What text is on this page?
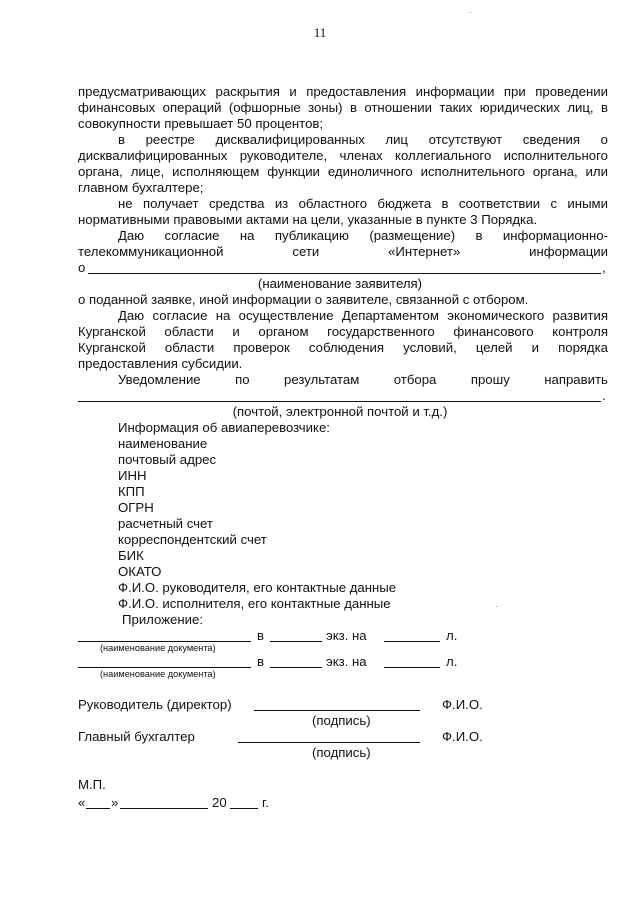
11
предусматривающих раскрытия и предоставления информации при проведении
финансовых операций (офшорные зоны) в отношении таких юридических лиц, в
совокупности превышает 50 процентов;
в реестре дисквалифицированных лиц отсутствуют сведения о
дисквалифицированных руководителе, членах коллегиального исполнительного
органа, лице, исполняющем функции единоличного исполнительного органа, или
главном бухгалтере;
не получает средства из областного бюджета в соответствии с иными
нормативными правовыми актами на цели, указанные в пункте 3 Порядка.
Даю согласие на публикацию (размещение) в информационно-
телекоммуникационной	сети	«Интернет»	информации
о	,
(наименование заявителя)
о поданной заявке, иной информации о заявителе, связанной с отбором.
Даю согласие на осуществление Департаментом экономического развития
Курганской области и органом государственного финансового контроля
Курганской области проверок соблюдения условий, целей и порядка
предоставления субсидии.
Уведомление	по	результатам	отбора	прошу	направить
.
(почтой, электронной почтой и т.д.)
Информация об авиаперевозчике:
наименование
почтовый адрес
ИНН
КПП
ОГРН
расчетный счет
корреспондентский счет
БИК
ОКАТО
Ф.И.О. руководителя, его контактные данные
Ф.И.О. исполнителя, его контактные данные
Приложение:
в	экз. на	л.
(наименование документа)
в	экз. на	л.
(наименование документа)
Руководитель (директор)	Ф.И.О.
(подпись)
Главный бухгалтер	Ф.И.О.
(подпись)
М.П.
« »	20	г.
